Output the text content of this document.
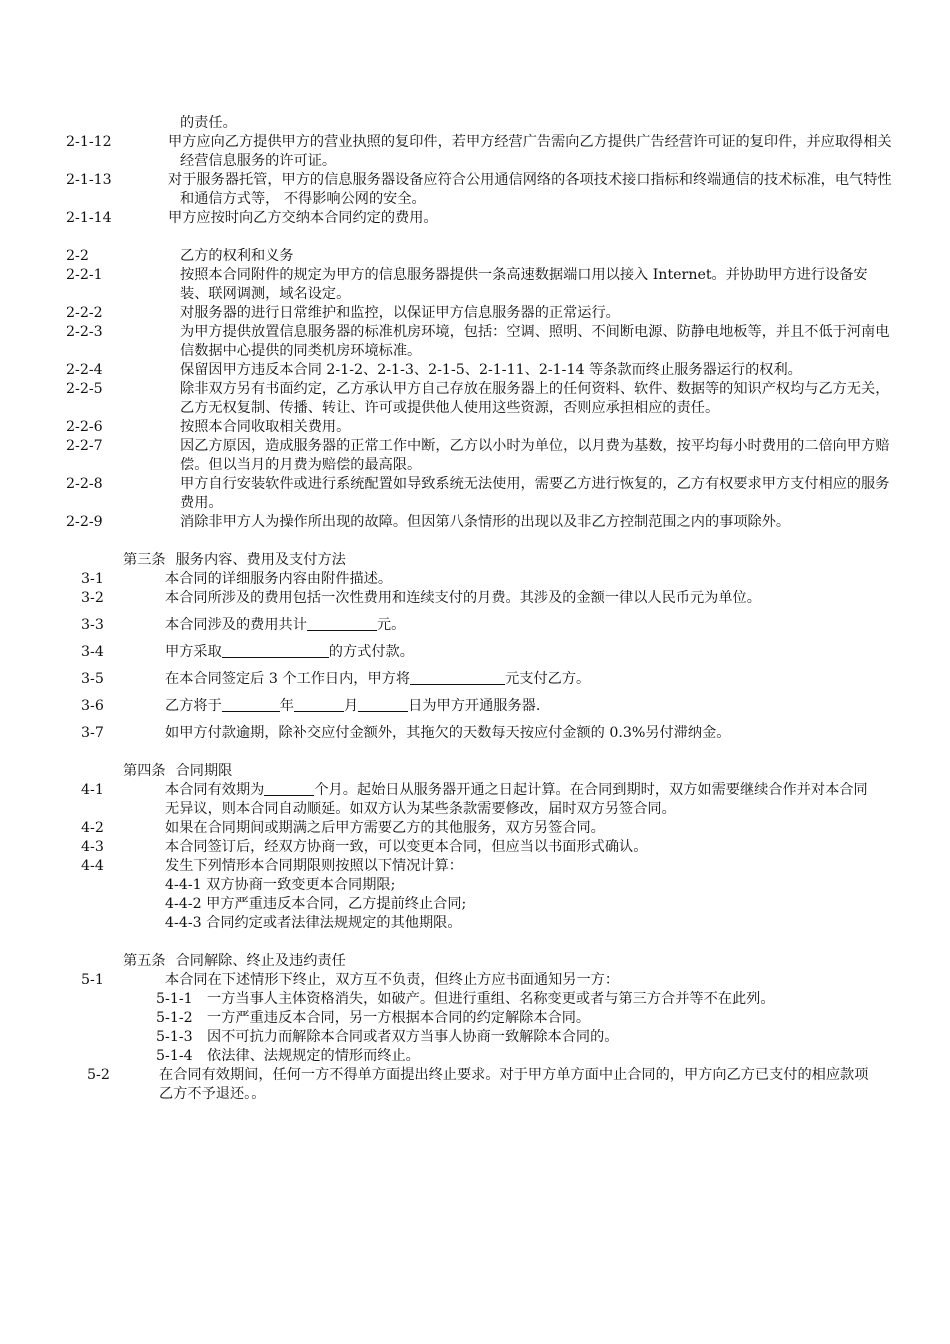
的责任。
2-1-12	甲方应向乙方提供甲方的营业执照的复印件，若甲方经营广告需向乙方提供广告经营许可证的复印件，并应取得相关经营信息服务的许可证。
2-1-13	对于服务器托管，甲方的信息服务器设备应符合公用通信网络的各项技术接口指标和终端通信的技术标准，电气特性和通信方式等， 不得影响公网的安全。
2-1-14	甲方应按时向乙方交纳本合同约定的费用。
2-2	乙方的权利和义务
2-2-1	按照本合同附件的规定为甲方的信息服务器提供一条高速数据端口用以接入 Internet。并协助甲方进行设备安装、联网调测，域名设定。
2-2-2	对服务器的进行日常维护和监控，以保证甲方信息服务器的正常运行。
2-2-3	为甲方提供放置信息服务器的标准机房环境，包括：空调、照明、不间断电源、防静电地板等，并且不低于河南电信数据中心提供的同类机房环境标准。
2-2-4	保留因甲方违反本合同 2-1-2、2-1-3、2-1-5、2-1-11、2-1-14 等条款而终止服务器运行的权利。
2-2-5	除非双方另有书面约定，乙方承认甲方自己存放在服务器上的任何资料、软件、数据等的知识产权均与乙方无关，乙方无权复制、传播、转让、许可或提供他人使用这些资源，否则应承担相应的责任。
2-2-6	按照本合同收取相关费用。
2-2-7	因乙方原因，造成服务器的正常工作中断，乙方以小时为单位，以月费为基数，按平均每小时费用的二倍向甲方赔偿。但以当月的月费为赔偿的最高限。
2-2-8	甲方自行安装软件或进行系统配置如导致系统无法使用，需要乙方进行恢复的，乙方有权要求甲方支付相应的服务费用。
2-2-9	消除非甲方人为操作所出现的故障。但因第八条情形的出现以及非乙方控制范围之内的事项除外。
第三条 服务内容、费用及支付方法
3-1	本合同的详细服务内容由附件描述。
3-2	本合同所涉及的费用包括一次性费用和连续支付的月费。其涉及的金额一律以人民币元为单位。
3-3	本合同涉及的费用共计	元。
3-4	甲方采取	的方式付款。
3-5	在本合同签定后 3 个工作日内，甲方将	元支付乙方。
3-6	乙方将于	年	月	日为甲方开通服务器.
3-7	如甲方付款逾期，除补交应付金额外，其拖欠的天数每天按应付金额的 0.3%另付滞纳金。
第四条 合同期限
4-1	本合同有效期为	个月。起始日从服务器开通之日起计算。在合同到期时，双方如需要继续合作并对本合同无异议，则本合同自动顺延。如双方认为某些条款需要修改，届时双方另签合同。
4-2	如果在合同期间或期满之后甲方需要乙方的其他服务，双方另签合同。
4-3	本合同签订后，经双方协商一致，可以变更本合同，但应当以书面形式确认。
4-4	发生下列情形本合同期限则按照以下情况计算：
4-4-1 双方协商一致变更本合同期限;
4-4-2 甲方严重违反本合同，乙方提前终止合同;
4-4-3 合同约定或者法律法规规定的其他期限。
第五条 合同解除、终止及违约责任
5-1	本合同在下述情形下终止，双方互不负责，但终止方应书面通知另一方：
5-1-1 一方当事人主体资格消失，如破产。但进行重组、名称变更或者与第三方合并等不在此列。
5-1-2 一方严重违反本合同，另一方根据本合同的约定解除本合同。
5-1-3 因不可抗力而解除本合同或者双方当事人协商一致解除本合同的。
5-1-4 依法律、法规规定的情形而终止。
5-2	在合同有效期间，任何一方不得单方面提出终止要求。对于甲方单方面中止合同的，甲方向乙方已支付的相应款项乙方不予退还。。
